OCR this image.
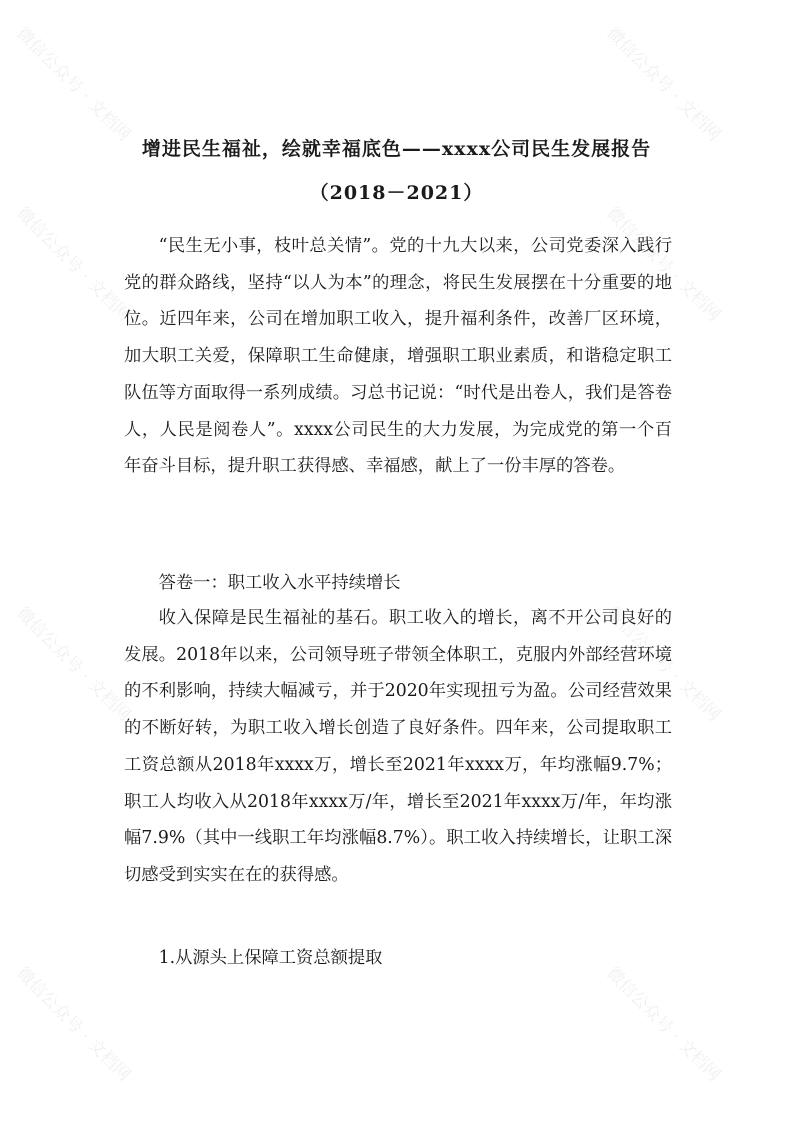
微信公众号 · 文档网	微信公众号 · 文档网
微信公众号 · 文档网	微信公众号 · 文档网
微信公众号 · 文档网	微信公众号 · 文档网
微信公众号 · 文档网	微信公众号 · 文档网
增进民生福祉，绘就幸福底色——xxxx公司民生发展报告
（2018－2021）

“民生无小事，枝叶总关情”。党的十九大以来，公司党委深入践行党的群众路线，坚持“以人为本”的理念，将民生发展摆在十分重要的地位。近四年来，公司在增加职工收入，提升福利条件，改善厂区环境，加大职工关爱，保障职工生命健康，增强职工职业素质，和谐稳定职工队伍等方面取得一系列成绩。习总书记说：“时代是出卷人，我们是答卷人，人民是阅卷人”。xxxx公司民生的大力发展，为完成党的第一个百年奋斗目标，提升职工获得感、幸福感，献上了一份丰厚的答卷。

答卷一：职工收入水平持续增长

收入保障是民生福祉的基石。职工收入的增长，离不开公司良好的发展。2018年以来，公司领导班子带领全体职工，克服内外部经营环境的不利影响，持续大幅减亏，并于2020年实现扭亏为盈。公司经营效果的不断好转，为职工收入增长创造了良好条件。四年来，公司提取职工工资总额从2018年xxxx万，增长至2021年xxxx万，年均涨幅9.7%；职工人均收入从2018年xxxx万/年，增长至2021年xxxx万/年，年均涨幅7.9%（其中一线职工年均涨幅8.7%）。职工收入持续增长，让职工深切感受到实实在在的获得感。

1.从源头上保障工资总额提取
